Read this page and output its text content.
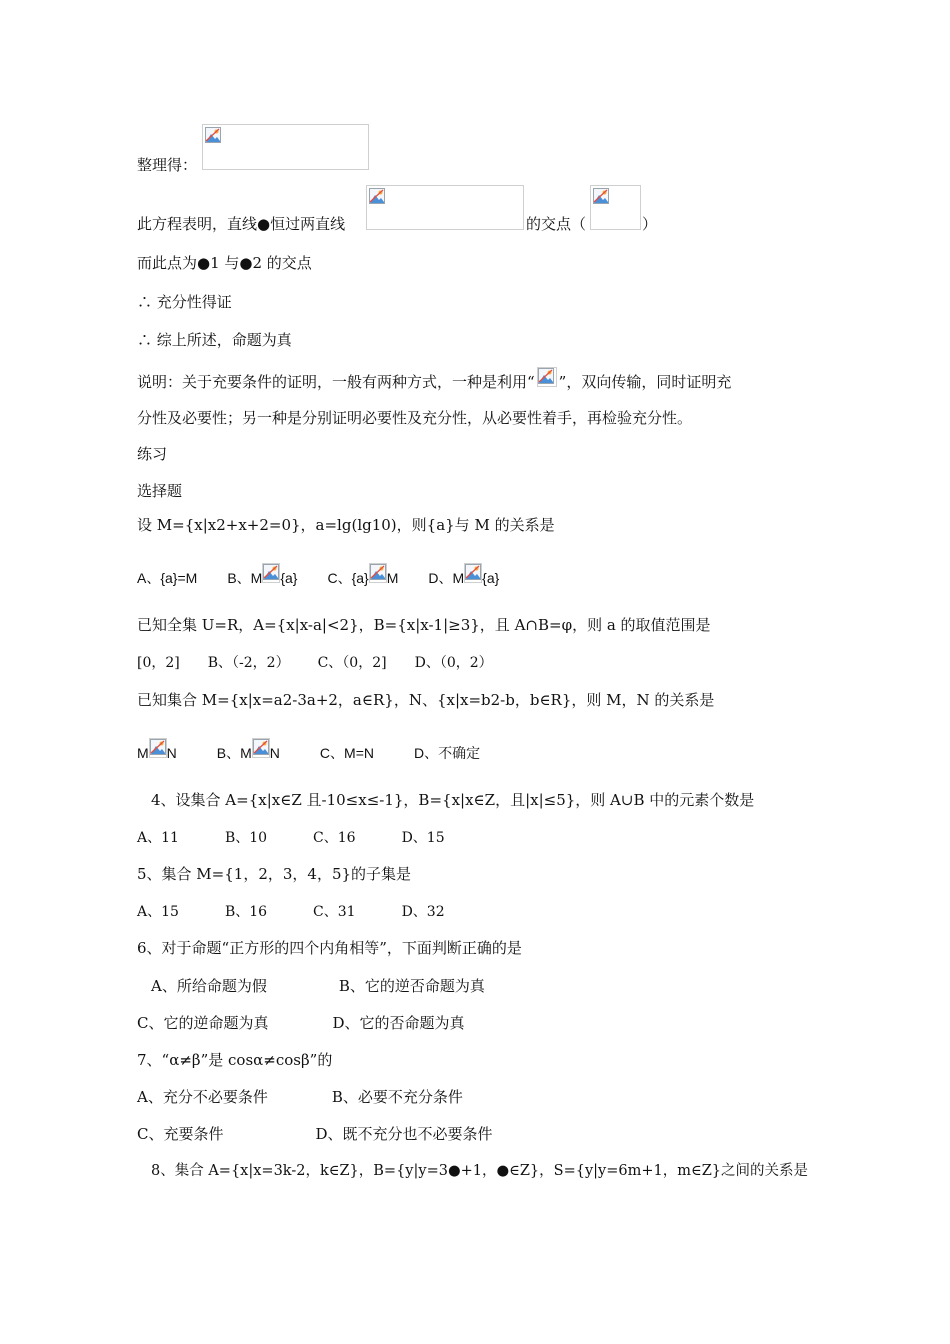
整理得：
此方程表明，直线●恒过两直线	的交点（	）
而此点为●1 与●2 的交点
∴ 充分性得证
∴ 综上所述，命题为真
说明：关于充要条件的证明，一般有两种方式，一种是利用“ ”，双向传输，同时证明充
分性及必要性；另一种是分别证明必要性及充分性，从必要性着手，再检验充分性。
练习
选择题
设 M={x|x2+x+2=0}，a=lg(lg10)，则{a}与 M 的关系是
A、{a}=M B、M {a} C、{a} M D、M {a}
已知全集 U=R，A={x|x-a|<2}，B={x|x-1|≥3}，且 A∩B=φ，则 a 的取值范围是
[0，2] B、（-2，2） C、（0，2] D、（0，2）
已知集合 M={x|x=a2-3a+2，a∈R}，N、{x|x=b2-b，b∈R}，则 M，N 的关系是
M N	B、M N	C、M=N	D、不确定
4、设集合 A={x|x∈Z 且-10≤x≤-1}，B={x|x∈Z，且|x|≤5}，则 A∪B 中的元素个数是
A、11	B、10	C、16	D、15
5、集合 M={1，2，3，4，5}的子集是
A、15	B、16	C、31	D、32
6、对于命题“正方形的四个内角相等”，下面判断正确的是
A、所给命题为假	B、它的逆否命题为真
C、它的逆命题为真	D、它的否命题为真
7、“α≠β”是 cosα≠cosβ”的
A、充分不必要条件	B、必要不充分条件
C、充要条件	D、既不充分也不必要条件
8、集合 A={x|x=3k-2，k∈Z}，B={y|y=3●+1，●∈Z}，S={y|y=6m+1，m∈Z}之间的关系是
